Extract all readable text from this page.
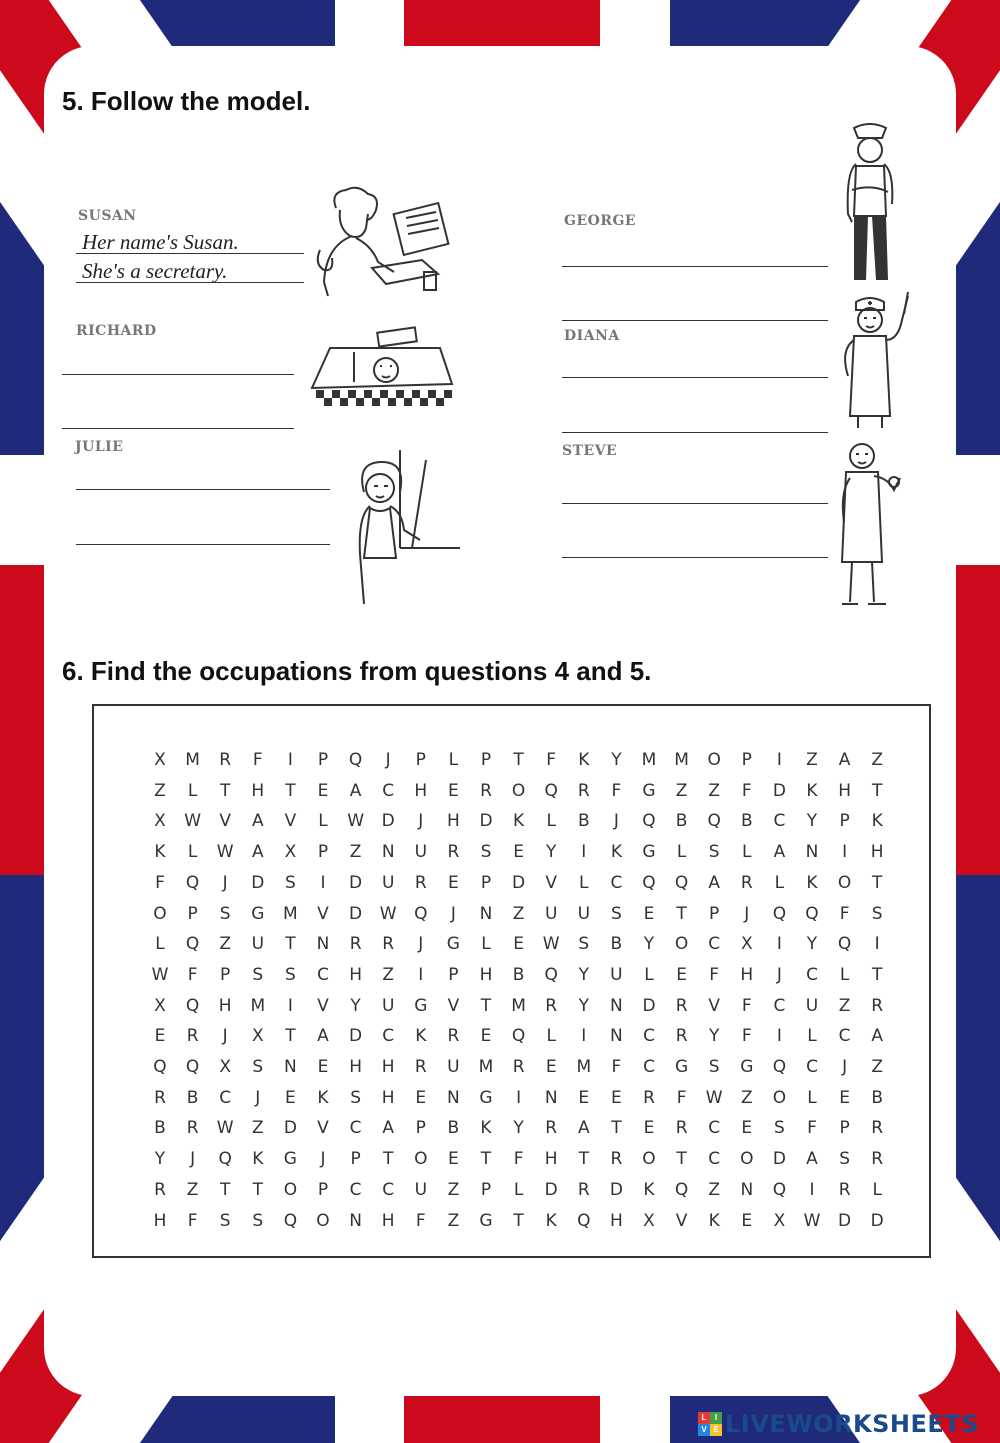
5. Follow the model.
SUSAN
Her name's Susan.
She's a secretary.
RICHARD
JULIE
GEORGE
DIANA
STEVE
6. Find the occupations from questions 4 and 5.
X	M	R	F	I	P	Q	J	P	L	P	T	F	K	Y	M	M	O	P	I	Z	A	Z
Z	L	T	H	T	E	A	C	H	E	R	O	Q	R	F	G	Z	Z	F	D	K	H	T
X	W	V	A	V	L	W	D	J	H	D	K	L	B	J	Q	B	Q	B	C	Y	P	K
K	L	W	A	X	P	Z	N	U	R	S	E	Y	I	K	G	L	S	L	A	N	I	H
F	Q	J	D	S	I	D	U	R	E	P	D	V	L	C	Q	Q	A	R	L	K	O	T
O	P	S	G	M	V	D	W	Q	J	N	Z	U	U	S	E	T	P	J	Q	Q	F	S
L	Q	Z	U	T	N	R	R	J	G	L	E	W	S	B	Y	O	C	X	I	Y	Q	I
W	F	P	S	S	C	H	Z	I	P	H	B	Q	Y	U	L	E	F	H	J	C	L	T
X	Q	H	M	I	V	Y	U	G	V	T	M	R	Y	N	D	R	V	F	C	U	Z	R
E	R	J	X	T	A	D	C	K	R	E	Q	L	I	N	C	R	Y	F	I	L	C	A
Q	Q	X	S	N	E	H	H	R	U	M	R	E	M	F	C	G	S	G	Q	C	J	Z
R	B	C	J	E	K	S	H	E	N	G	I	N	E	E	R	F	W	Z	O	L	E	B
B	R	W	Z	D	V	C	A	P	B	K	Y	R	A	T	E	R	C	E	S	F	P	R
Y	J	Q	K	G	J	P	T	O	E	T	F	H	T	R	O	T	C	O	D	A	S	R
R	Z	T	T	O	P	C	C	U	Z	P	L	D	R	D	K	Q	Z	N	Q	I	R	L
H	F	S	S	Q	O	N	H	F	Z	G	T	K	Q	H	X	V	K	E	X	W	D	D
L	I
V E LIVEWORKSHEETS
